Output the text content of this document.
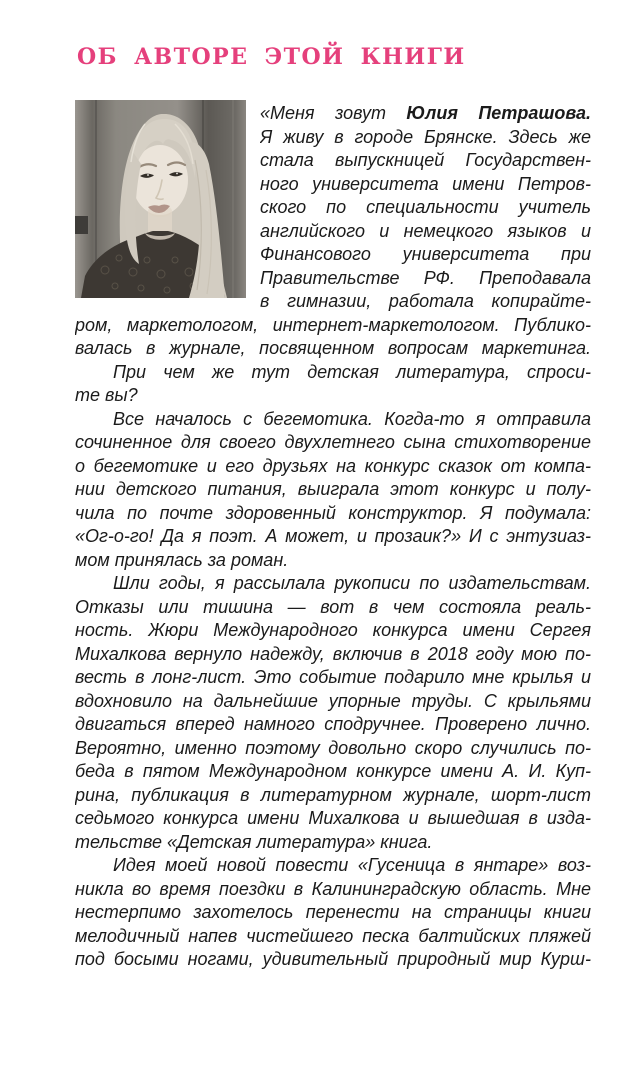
ОБ АВТОРЕ ЭТОЙ КНИГИ
«Меня зовут Юлия Петрашова.
Я живу в городе Брянске. Здесь же
стала выпускницей Государствен-
ного университета имени Петров-
ского по специальности учитель
английского и немецкого языков и
Финансового университета при
Правительстве РФ. Преподавала
в гимназии, работала копирайте-
ром, маркетологом, интернет-маркетологом. Публико-
валась в журнале, посвященном вопросам маркетинга.
При чем же тут детская литература, спроси-
те вы?
Все началось с бегемотика. Когда-то я отправила
сочиненное для своего двухлетнего сына стихотворение
о бегемотике и его друзьях на конкурс сказок от компа-
нии детского питания, выиграла этот конкурс и полу-
чила по почте здоровенный конструктор. Я подумала:
«Ог-о-го! Да я поэт. А может, и прозаик?» И с энтузиаз-
мом принялась за роман.
Шли годы, я рассылала рукописи по издательствам.
Отказы или тишина — вот в чем состояла реаль-
ность. Жюри Международного конкурса имени Сергея
Михалкова вернуло надежду, включив в 2018 году мою по-
весть в лонг-лист. Это событие подарило мне крылья и
вдохновило на дальнейшие упорные труды. С крыльями
двигаться вперед намного сподручнее. Проверено лично.
Вероятно, именно поэтому довольно скоро случились по-
беда в пятом Международном конкурсе имени А. И. Куп-
рина, публикация в литературном журнале, шорт-лист
седьмого конкурса имени Михалкова и вышедшая в изда-
тельстве «Детская литература» книга.
Идея моей новой повести «Гусеница в янтаре» воз-
никла во время поездки в Калининградскую область. Мне
нестерпимо захотелось перенести на страницы книги
мелодичный напев чистейшего песка балтийских пляжей
под босыми ногами, удивительный природный мир Курш-
